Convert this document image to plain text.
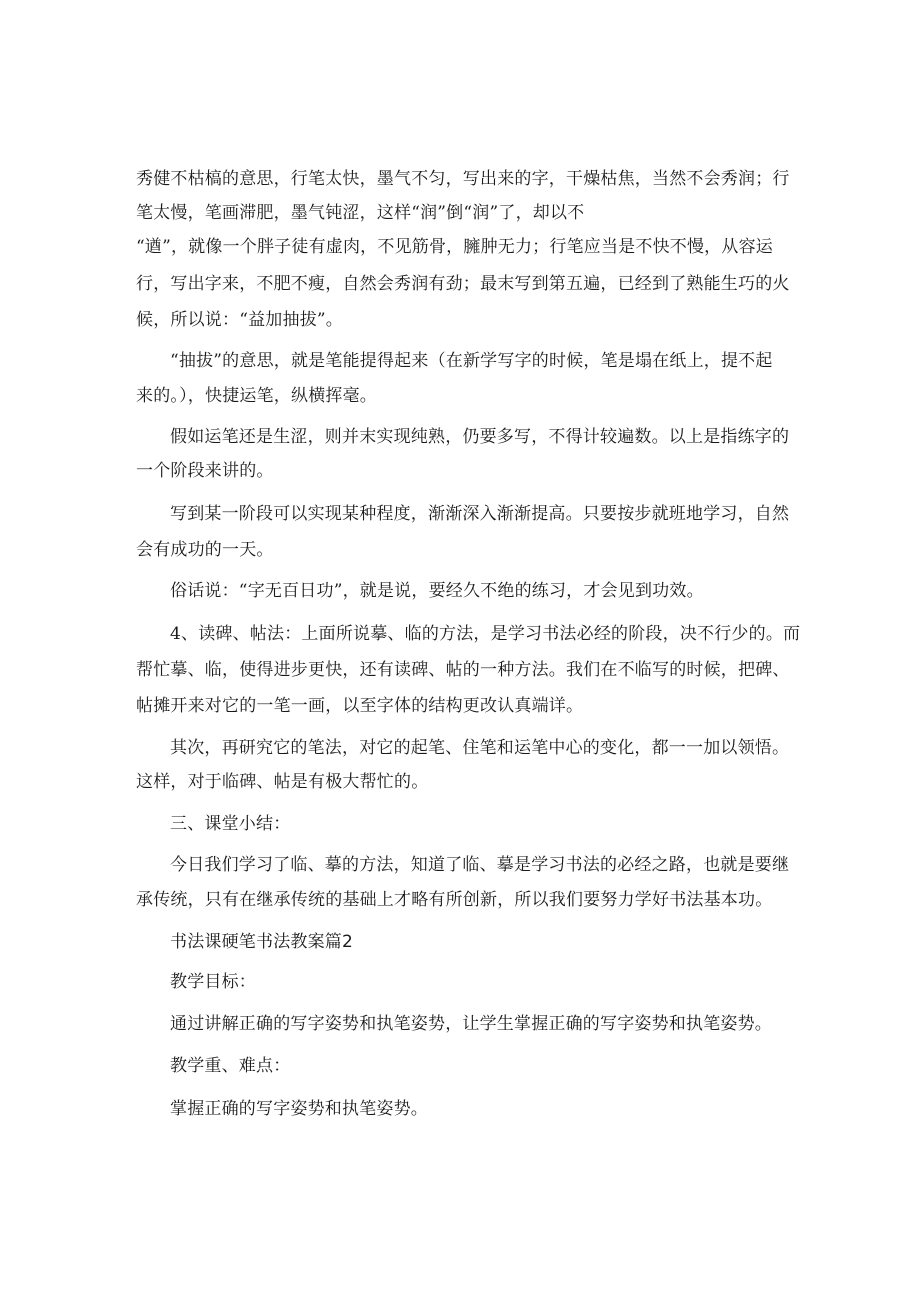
秀健不枯槁的意思，行笔太快，墨气不匀，写出来的字，干燥枯焦，当然不会秀润；行
笔太慢，笔画滞肥，墨气钝涩，这样“润”倒“润”了，却以不
“遒”，就像一个胖子徒有虚肉，不见筋骨，臃肿无力；行笔应当是不快不慢，从容运
行，写出字来，不肥不瘦，自然会秀润有劲；最末写到第五遍，已经到了熟能生巧的火
候，所以说：“益加抽拔”。
“抽拔”的意思，就是笔能提得起来（在新学写字的时候，笔是塌在纸上，提不起
来的。），快捷运笔，纵横挥毫。
假如运笔还是生涩，则并末实现纯熟，仍要多写，不得计较遍数。以上是指练字的
一个阶段来讲的。
写到某一阶段可以实现某种程度，渐渐深入渐渐提高。只要按步就班地学习，自然
会有成功的一天。
俗话说：“字无百日功”，就是说，要经久不绝的练习，才会见到功效。
4、读碑、帖法：上面所说摹、临的方法，是学习书法必经的阶段，决不行少的。而
帮忙摹、临，使得进步更快，还有读碑、帖的一种方法。我们在不临写的时候，把碑、
帖摊开来对它的一笔一画，以至字体的结构更改认真端详。
其次，再研究它的笔法，对它的起笔、住笔和运笔中心的变化，都一一加以领悟。
这样，对于临碑、帖是有极大帮忙的。
三、课堂小结：
今日我们学习了临、摹的方法，知道了临、摹是学习书法的必经之路，也就是要继
承传统，只有在继承传统的基础上才略有所创新，所以我们要努力学好书法基本功。
书法课硬笔书法教案篇2
教学目标：
通过讲解正确的写字姿势和执笔姿势，让学生掌握正确的写字姿势和执笔姿势。
教学重、难点：
掌握正确的写字姿势和执笔姿势。
